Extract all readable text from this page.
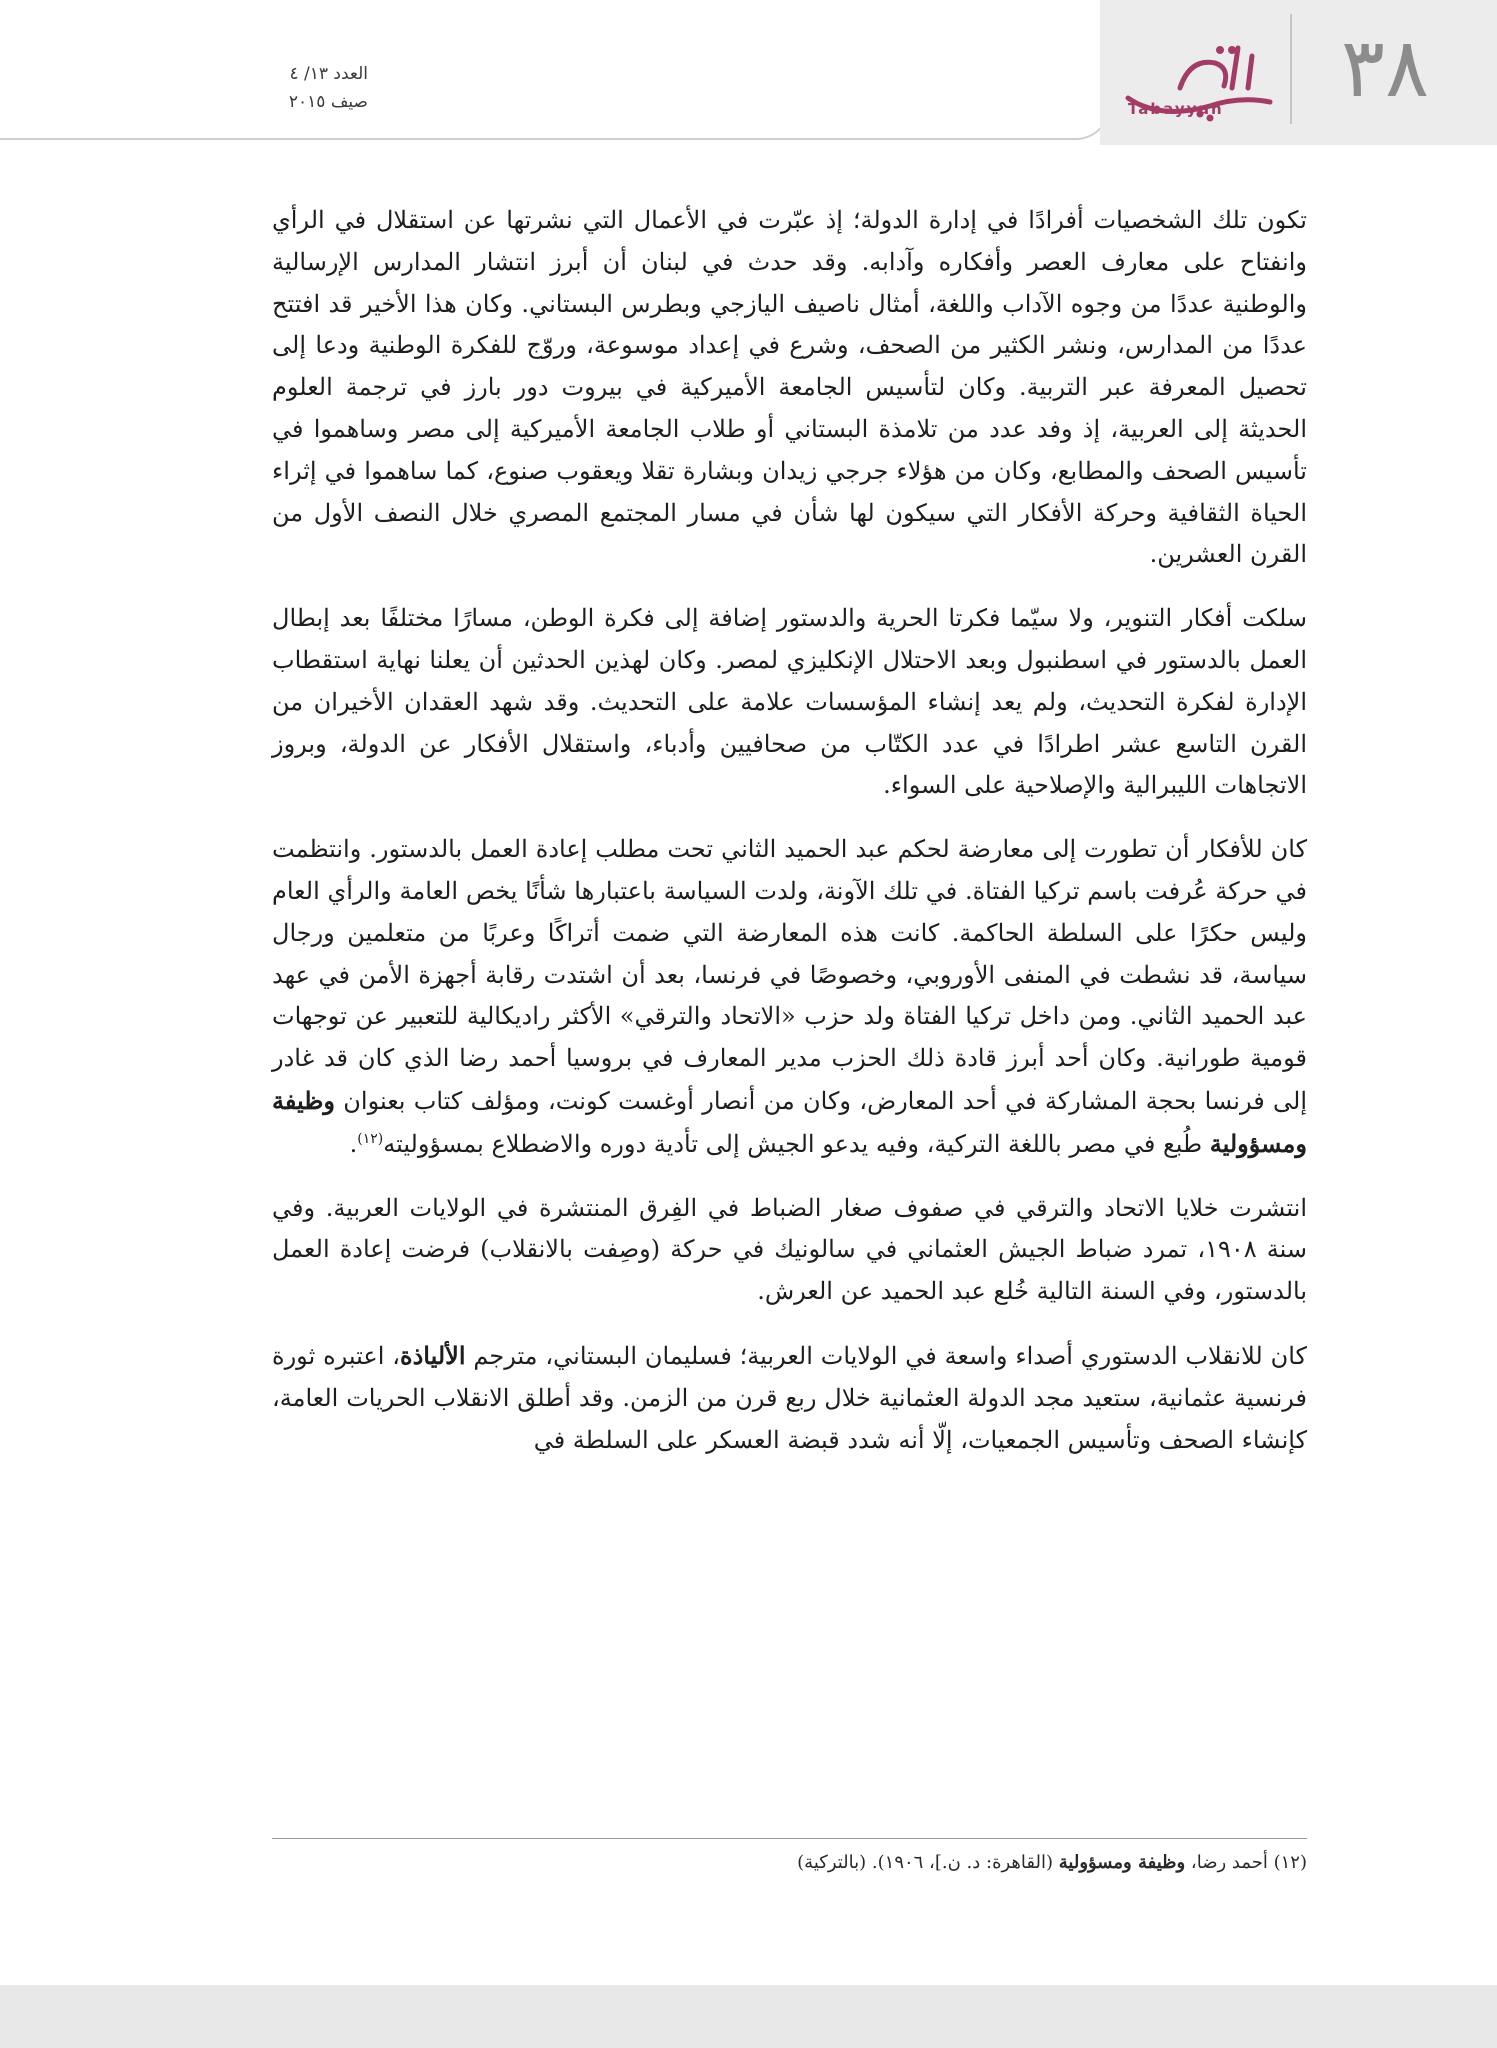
العدد ١٣/ ٤
صيف ٢٠١٥	٣٨
Tabayyun

تكون تلك الشخصيات أفرادًا في إدارة الدولة؛ إذ عبّرت في الأعمال التي نشرتها عن استقلال في الرأي وانفتاح على معارف العصر وأفكاره وآدابه. وقد حدث في لبنان أن أبرز انتشار المدارس الإرسالية والوطنية عددًا من وجوه الآداب واللغة، أمثال ناصيف اليازجي وبطرس البستاني. وكان هذا الأخير قد افتتح عددًا من المدارس، ونشر الكثير من الصحف، وشرع في إعداد موسوعة، وروّج للفكرة الوطنية ودعا إلى تحصيل المعرفة عبر التربية. وكان لتأسيس الجامعة الأميركية في بيروت دور بارز في ترجمة العلوم الحديثة إلى العربية، إذ وفد عدد من تلامذة البستاني أو طلاب الجامعة الأميركية إلى مصر وساهموا في تأسيس الصحف والمطابع، وكان من هؤلاء جرجي زيدان وبشارة تقلا ويعقوب صنوع، كما ساهموا في إثراء الحياة الثقافية وحركة الأفكار التي سيكون لها شأن في مسار المجتمع المصري خلال النصف الأول من القرن العشرين.

سلكت أفكار التنوير، ولا سيّما فكرتا الحرية والدستور إضافة إلى فكرة الوطن، مسارًا مختلفًا بعد إبطال العمل بالدستور في اسطنبول وبعد الاحتلال الإنكليزي لمصر. وكان لهذين الحدثين أن يعلنا نهاية استقطاب الإدارة لفكرة التحديث، ولم يعد إنشاء المؤسسات علامة على التحديث. وقد شهد العقدان الأخيران من القرن التاسع عشر اطرادًا في عدد الكتّاب من صحافيين وأدباء، واستقلال الأفكار عن الدولة، وبروز الاتجاهات الليبرالية والإصلاحية على السواء.

كان للأفكار أن تطورت إلى معارضة لحكم عبد الحميد الثاني تحت مطلب إعادة العمل بالدستور. وانتظمت في حركة عُرفت باسم تركيا الفتاة. في تلك الآونة، ولدت السياسة باعتبارها شأنًا يخص العامة والرأي العام وليس حكرًا على السلطة الحاكمة. كانت هذه المعارضة التي ضمت أتراكًا وعربًا من متعلمين ورجال سياسة، قد نشطت في المنفى الأوروبي، وخصوصًا في فرنسا، بعد أن اشتدت رقابة أجهزة الأمن في عهد عبد الحميد الثاني. ومن داخل تركيا الفتاة ولد حزب «الاتحاد والترقي» الأكثر راديكالية للتعبير عن توجهات قومية طورانية. وكان أحد أبرز قادة ذلك الحزب مدير المعارف في بروسيا أحمد رضا الذي كان قد غادر إلى فرنسا بحجة المشاركة في أحد المعارض، وكان من أنصار أوغست كونت، ومؤلف كتاب بعنوان وظيفة ومسؤولية طُبع في مصر باللغة التركية، وفيه يدعو الجيش إلى تأدية دوره والاضطلاع بمسؤوليته$^{(١٢)}$.

انتشرت خلايا الاتحاد والترقي في صفوف صغار الضباط في الفِرق المنتشرة في الولايات العربية. وفي سنة ١٩٠٨، تمرد ضباط الجيش العثماني في سالونيك في حركة (وصِفت بالانقلاب) فرضت إعادة العمل بالدستور، وفي السنة التالية خُلع عبد الحميد عن العرش.

كان للانقلاب الدستوري أصداء واسعة في الولايات العربية؛ فسليمان البستاني، مترجم الألياذة، اعتبره ثورة فرنسية عثمانية، ستعيد مجد الدولة العثمانية خلال ربع قرن من الزمن. وقد أطلق الانقلاب الحريات العامة، كإنشاء الصحف وتأسيس الجمعيات، إلّا أنه شدد قبضة العسكر على السلطة في

(١٢) أحمد رضا، وظيفة ومسؤولية (القاهرة: د. ن.]، ١٩٠٦). (بالتركية)
